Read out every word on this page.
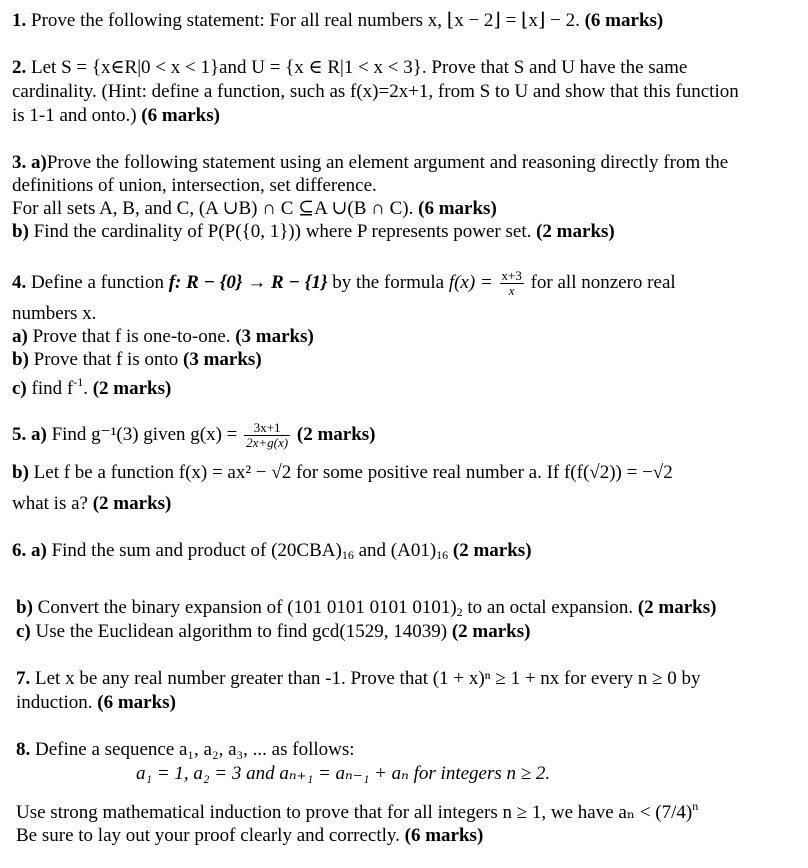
1. Prove the following statement: For all real numbers x, ⌊x − 2⌋ = ⌊x⌋ − 2. (6 marks)
2. Let S = {x∈R|0 < x < 1}and U = {x ∈ R|1 < x < 3}. Prove that S and U have the same
cardinality. (Hint: define a function, such as f(x)=2x+1, from S to U and show that this function
is 1-1 and onto.) (6 marks)
3. a)Prove the following statement using an element argument and reasoning directly from the
definitions of union, intersection, set difference.
For all sets A, B, and C, (A ∪B) ∩ C ⊆A ∪(B ∩ C). (6 marks)
b) Find the cardinality of P(P({0, 1})) where P represents power set. (2 marks)
4. Define a function f: R − {0} → R − {1} by the formula $f(x) = \frac{x+3}{x}$ for all nonzero real
numbers x.
a) Prove that f is one-to-one. (3 marks)
b) Prove that f is onto (3 marks)
c) find $f^{-1}$. (2 marks)
5. a) Find g⁻¹(3) given $g(x) = \frac{3x+1}{2x+g(x)} (2$ marks)
b) Let f be a function f(x) = ax² − √2 for some positive real number a. If f(f(√2)) = −√2
what is a? (2 marks)
6. a) Find the sum and product of $(20CBA)_{16}$ and $(A01)_{16}$ (2 marks)
b) Convert the binary expansion of (101 0101 0101 $0101)_2$ to an octal expansion. (2 marks)
c) Use the Euclidean algorithm to find gcd(1529, 14039) (2 marks)
7. Let x be any real number greater than -1. Prove that (1 + x)ⁿ ≥ 1 + nx for every n ≥ 0 by
induction. (6 marks)
8. Define a sequence a₁, a₂, a₃, ... as follows:
a₁ = 1, a₂ = 3 and aₙ₊₁ = aₙ₋₁ + aₙ for integers n ≥ 2.
Use strong mathematical induction to prove that for all integers n ≥ 1, we have $a_n < (7/4)^n$
Be sure to lay out your proof clearly and correctly. (6 marks)
